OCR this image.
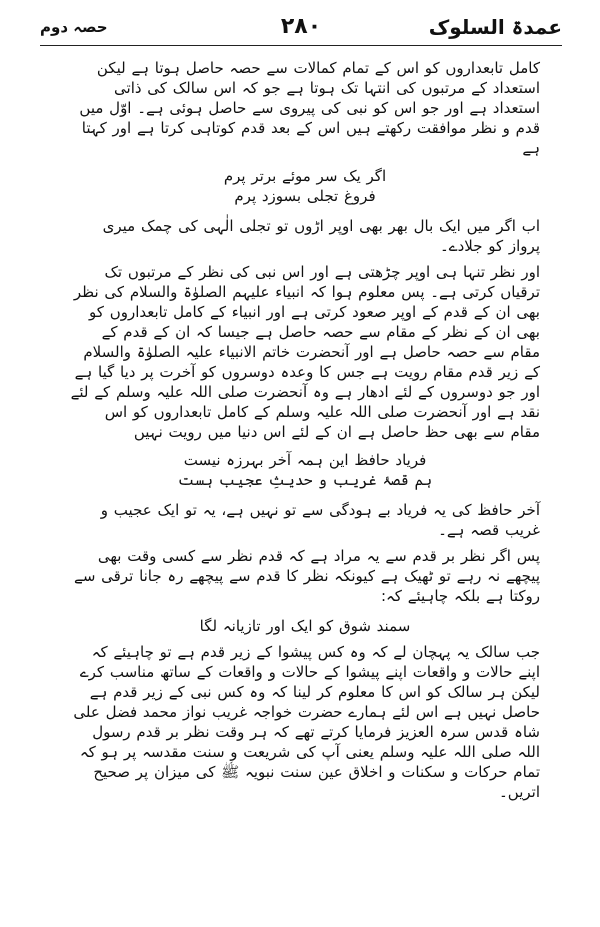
عمدۃ السلوک
۲۸۰
حصہ دوم

کامل تابعداروں کو اس کے تمام کمالات سے حصہ حاصل ہوتا ہے لیکن استعداد کے مرتبوں کی انتہا تک ہوتا ہے جو کہ اس سالک کی ذاتی استعداد ہے اور جو اس کو نبی کی پیروی سے حاصل ہوئی ہے۔ اوّل میں قدم و نظر موافقت رکھتے ہیں اس کے بعد قدم کوتاہی کرتا ہے اور کہتا ہے

اگر یک سر موئے برتر پرم
فروغ تجلی بسوزد پرم

اب اگر میں ایک بال بھر بھی اوپر اڑوں تو تجلی الٰہی کی چمک میری پرواز کو جلادے۔

اور نظر تنہا ہی اوپر چڑھتی ہے اور اس نبی کی نظر کے مرتبوں تک ترقیاں کرتی ہے۔ پس معلوم ہوا کہ انبیاء علیہم الصلوٰۃ والسلام کی نظر بھی ان کے قدم کے اوپر صعود کرتی ہے اور انبیاء کے کامل تابعداروں کو بھی ان کے نظر کے مقام سے حصہ حاصل ہے جیسا کہ ان کے قدم کے مقام سے حصہ حاصل ہے اور آنحضرت خاتم الانبیاء علیہ الصلوٰۃ والسلام کے زیر قدم مقام رویت ہے جس کا وعدہ دوسروں کو آخرت پر دیا گیا ہے اور جو دوسروں کے لئے ادھار ہے وہ آنحضرت صلی اللہ علیہ وسلم کے لئے نقد ہے اور آنحضرت صلی اللہ علیہ وسلم کے کامل تابعداروں کو اس مقام سے بھی حظ حاصل ہے ان کے لئے اس دنیا میں رویت نہیں

فریاد حافظ این ہمہ آخر بہرزہ نیست
ہم قصۂ غریب و حدیثِ عجیب ہست

آخر حافظ کی یہ فریاد بے ہودگی سے تو نہیں ہے، یہ تو ایک عجیب و غریب قصہ ہے۔

پس اگر نظر بر قدم سے یہ مراد ہے کہ قدم نظر سے کسی وقت بھی پیچھے نہ رہے تو ٹھیک ہے کیونکہ نظر کا قدم سے پیچھے رہ جانا ترقی سے روکتا ہے بلکہ چاہیئے کہ:

سمند شوق کو ایک اور تازیانہ لگا

جب سالک یہ پہچان لے کہ وہ کس پیشوا کے زیر قدم ہے تو چاہیئے کہ اپنے حالات و واقعات اپنے پیشوا کے حالات و واقعات کے ساتھ مناسب کرے لیکن ہر سالک کو اس کا معلوم کر لینا کہ وہ کس نبی کے زیر قدم ہے حاصل نہیں ہے اس لئے ہمارے حضرت خواجہ غریب نواز محمد فضل علی شاہ قدس سرہ العزیز فرمایا کرتے تھے کہ ہر وقت نظر بر قدم رسول اللہ صلی اللہ علیہ وسلم یعنی آپ کی شریعت و سنت مقدسہ پر ہو کہ تمام حرکات و سکنات و اخلاق عین سنت نبویہ ﷺ کی میزان پر صحیح اتریں۔
